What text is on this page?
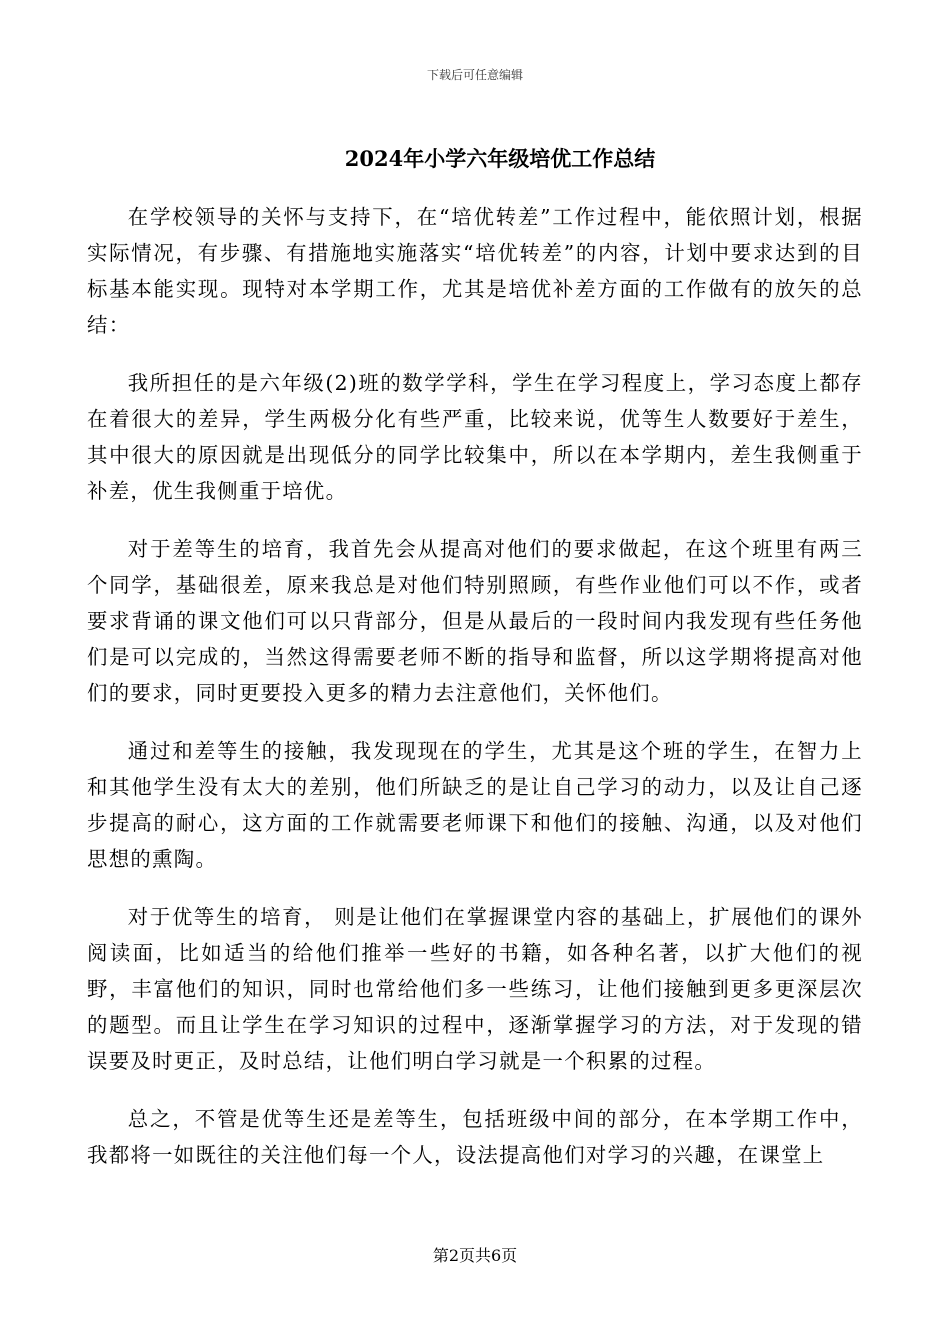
下载后可任意编辑
2024年小学六年级培优工作总结

在学校领导的关怀与支持下，在“培优转差”工作过程中，能依照计划，根据实际情况，有步骤、有措施地实施落实“培优转差”的内容，计划中要求达到的目标基本能实现。现特对本学期工作，尤其是培优补差方面的工作做有的放矢的总结：

我所担任的是六年级(2)班的数学学科，学生在学习程度上，学习态度上都存在着很大的差异，学生两极分化有些严重，比较来说，优等生人数要好于差生，其中很大的原因就是出现低分的同学比较集中，所以在本学期内，差生我侧重于补差，优生我侧重于培优。

对于差等生的培育，我首先会从提高对他们的要求做起，在这个班里有两三个同学，基础很差，原来我总是对他们特别照顾，有些作业他们可以不作，或者要求背诵的课文他们可以只背部分，但是从最后的一段时间内我发现有些任务他们是可以完成的，当然这得需要老师不断的指导和监督，所以这学期将提高对他们的要求，同时更要投入更多的精力去注意他们，关怀他们。

通过和差等生的接触，我发现现在的学生，尤其是这个班的学生，在智力上和其他学生没有太大的差别，他们所缺乏的是让自己学习的动力，以及让自己逐步提高的耐心，这方面的工作就需要老师课下和他们的接触、沟通，以及对他们思想的熏陶。

对于优等生的培育， 则是让他们在掌握课堂内容的基础上，扩展他们的课外阅读面，比如适当的给他们推举一些好的书籍，如各种名著，以扩大他们的视野，丰富他们的知识，同时也常给他们多一些练习，让他们接触到更多更深层次的题型。而且让学生在学习知识的过程中，逐渐掌握学习的方法，对于发现的错误要及时更正，及时总结，让他们明白学习就是一个积累的过程。

总之，不管是优等生还是差等生，包括班级中间的部分，在本学期工作中，我都将一如既往的关注他们每一个人，设法提高他们对学习的兴趣，在课堂上

第2页共6页
